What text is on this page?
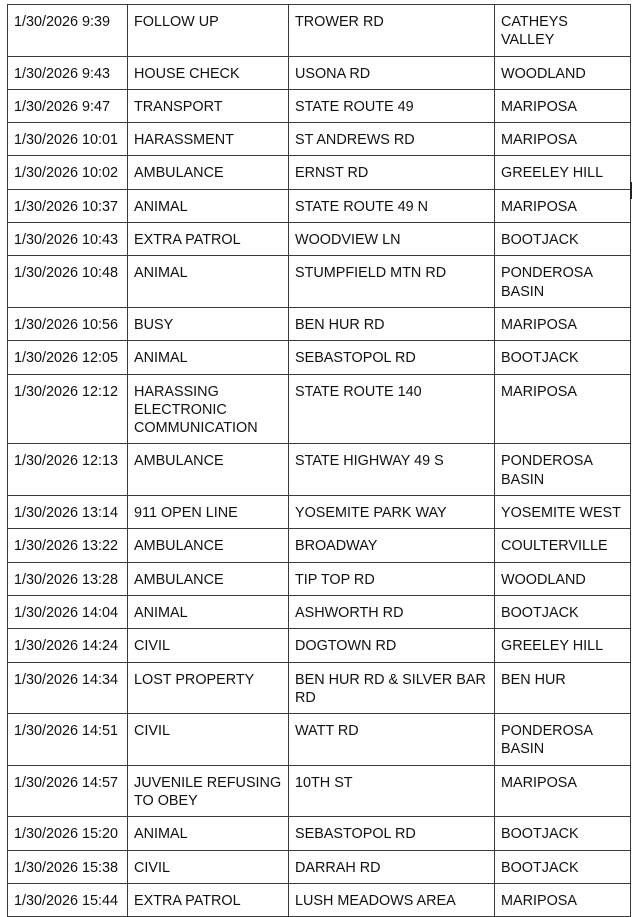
1/30/2026 9:39	FOLLOW UP	TROWER RD	CATHEYS VALLEY
1/30/2026 9:43	HOUSE CHECK	USONA RD	WOODLAND
1/30/2026 9:47	TRANSPORT	STATE ROUTE 49	MARIPOSA
1/30/2026 10:01	HARASSMENT	ST ANDREWS RD	MARIPOSA
1/30/2026 10:02	AMBULANCE	ERNST RD	GREELEY HILL
1/30/2026 10:37	ANIMAL	STATE ROUTE 49 N	MARIPOSA
1/30/2026 10:43	EXTRA PATROL	WOODVIEW LN	BOOTJACK
1/30/2026 10:48	ANIMAL	STUMPFIELD MTN RD	PONDEROSA BASIN
1/30/2026 10:56	BUSY	BEN HUR RD	MARIPOSA
1/30/2026 12:05	ANIMAL	SEBASTOPOL RD	BOOTJACK
1/30/2026 12:12	HARASSING ELECTRONIC COMMUNICATION	STATE ROUTE 140	MARIPOSA
1/30/2026 12:13	AMBULANCE	STATE HIGHWAY 49 S	PONDEROSA BASIN
1/30/2026 13:14	911 OPEN LINE	YOSEMITE PARK WAY	YOSEMITE WEST
1/30/2026 13:22	AMBULANCE	BROADWAY	COULTERVILLE
1/30/2026 13:28	AMBULANCE	TIP TOP RD	WOODLAND
1/30/2026 14:04	ANIMAL	ASHWORTH RD	BOOTJACK
1/30/2026 14:24	CIVIL	DOGTOWN RD	GREELEY HILL
1/30/2026 14:34	LOST PROPERTY	BEN HUR RD & SILVER BAR RD	BEN HUR
1/30/2026 14:51	CIVIL	WATT RD	PONDEROSA BASIN
1/30/2026 14:57	JUVENILE REFUSING TO OBEY	10TH ST	MARIPOSA
1/30/2026 15:20	ANIMAL	SEBASTOPOL RD	BOOTJACK
1/30/2026 15:38	CIVIL	DARRAH RD	BOOTJACK
1/30/2026 15:44	EXTRA PATROL	LUSH MEADOWS AREA	MARIPOSA
